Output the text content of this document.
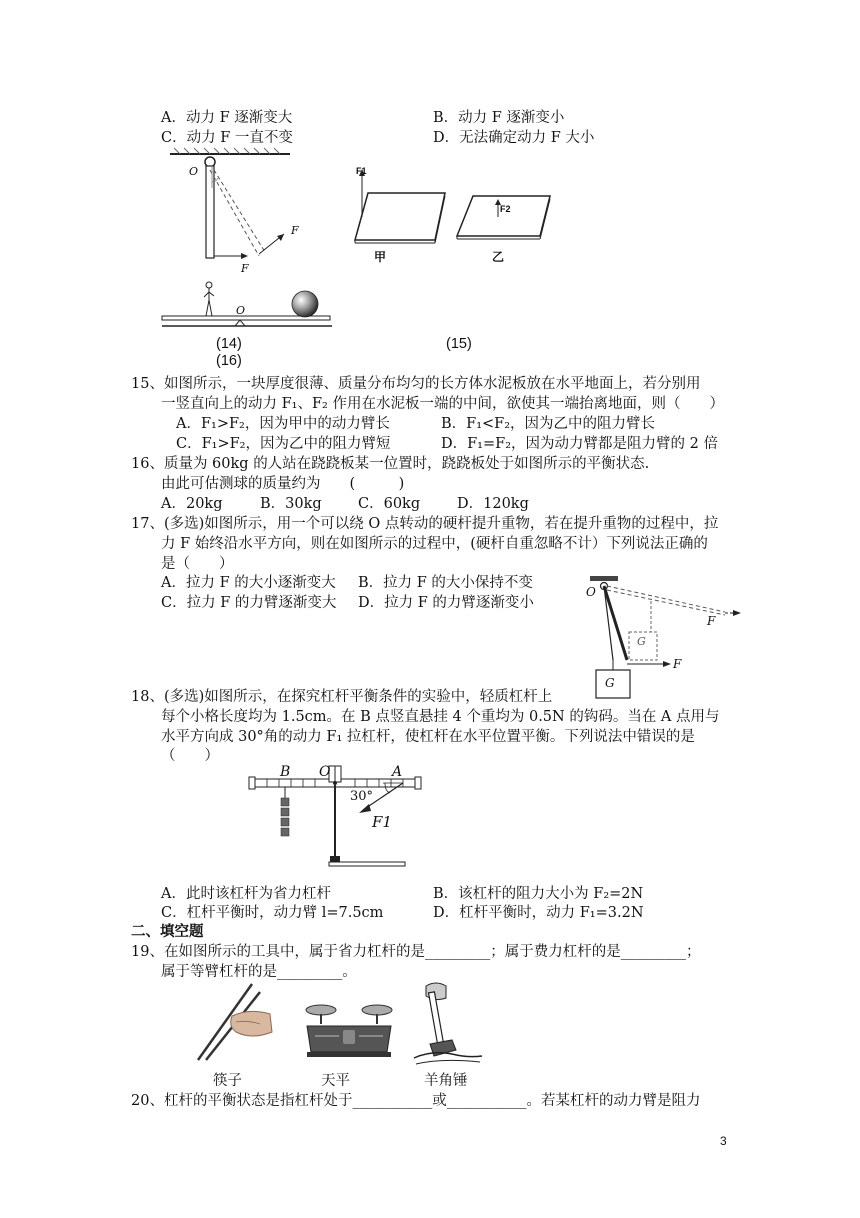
A．动力 F 逐渐变大	B．动力 F 逐渐变小
C．动力 F 一直不变	D．无法确定动力 F 大小
O
F
F
O
F1
F2
甲	乙
(14)	(15)
(16)
15、如图所示，一块厚度很薄、质量分布均匀的长方体水泥板放在水平地面上，若分别用
一竖直向上的动力 F₁、F₂ 作用在水泥板一端的中间，欲使其一端抬离地面，则（　　）
A．F₁>F₂，因为甲中的动力臂长	B．F₁<F₂，因为乙中的阻力臂长
C．F₁>F₂，因为乙中的阻力臂短	D．F₁=F₂，因为动力臂都是阻力臂的 2 倍
16、质量为 60kg 的人站在跷跷板某一位置时，跷跷板处于如图所示的平衡状态.
由此可估测球的质量约为　　(　　　)
A．20kg	B．30kg	C．60kg	D．120kg
17、(多选)如图所示，用一个可以绕 O 点转动的硬杆提升重物，若在提升重物的过程中，拉
力 F 始终沿水平方向，则在如图所示的过程中，(硬杆自重忽略不计）下列说法正确的
是（　　）
A．拉力 F 的大小逐渐变大 B．拉力 F 的大小保持不变
C．拉力 F 的力臂逐渐变大 D．拉力 F 的力臂逐渐变小
O
F
F
G
G
18、(多选)如图所示，在探究杠杆平衡条件的实验中，轻质杠杆上
每个小格长度均为 1.5cm。在 B 点竖直悬挂 4 个重均为 0.5N 的钩码。当在 A 点用与
水平方向成 30°角的动力 F₁ 拉杠杆，使杠杆在水平位置平衡。下列说法中错误的是
（　　）
B O	A
30°
F1
A．此时该杠杆为省力杠杆	B．该杠杆的阻力大小为 F₂=2N
C．杠杆平衡时，动力臂 l=7.5cm	D．杠杆平衡时，动力 F₁=3.2N
二、填空题
19、在如图所示的工具中，属于省力杠杆的是_________；属于费力杠杆的是_________；
属于等臂杠杆的是_________。
筷子	天平	羊角锤
20、杠杆的平衡状态是指杠杆处于___________或___________。若某杠杆的动力臂是阻力
3
